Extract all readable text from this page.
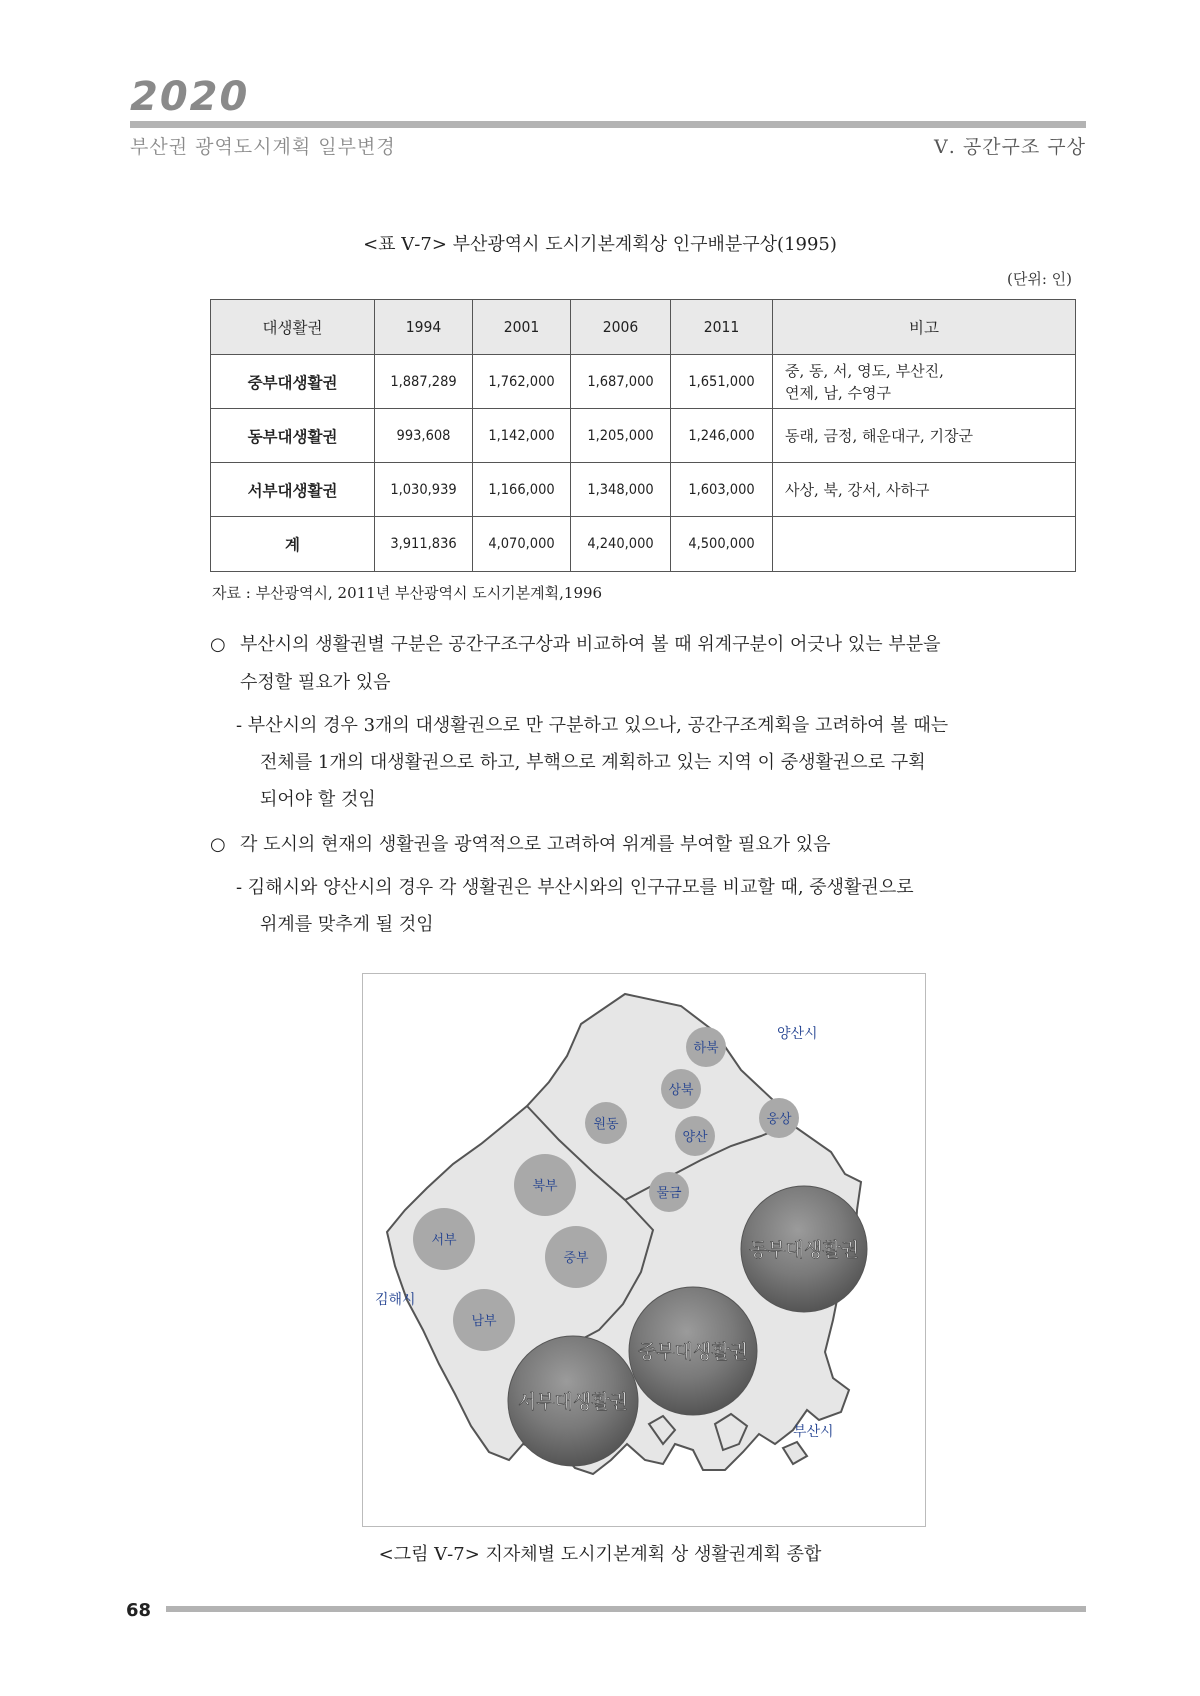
2020
부산권 광역도시계획 일부변경	Ⅴ. 공간구조 구상
<표 Ⅴ-7> 부산광역시 도시기본계획상 인구배분구상(1995)
(단위: 인)
대생활권	1994	2001	2006	2011	비고
중부대생활권	1,887,289	1,762,000	1,687,000	1,651,000	중, 동, 서, 영도, 부산진,
연제, 남, 수영구

동부대생활권	993,608	1,142,000	1,205,000	1,246,000	동래, 금정, 해운대구, 기장군
서부대생활권	1,030,939	1,166,000	1,348,000	1,603,000	사상, 북, 강서, 사하구
계	3,911,836	4,070,000	4,240,000	4,500,000	
자료 : 부산광역시, 2011년 부산광역시 도시기본계획,1996
○ 부산시의 생활권별 구분은 공간구조구상과 비교하여 볼 때 위계구분이 어긋나 있는 부분을
수정할 필요가 있음
- 부산시의 경우 3개의 대생활권으로 만 구분하고 있으나, 공간구조계획을 고려하여 볼 때는
전체를 1개의 대생활권으로 하고, 부핵으로 계획하고 있는 지역 이 중생활권으로 구획
되어야 할 것임
○ 각 도시의 현재의 생활권을 광역적으로 고려하여 위계를 부여할 필요가 있음
- 김해시와 양산시의 경우 각 생활권은 부산시와의 인구규모를 비교할 때, 중생활권으로
위계를 맞추게 될 것임
양산시
김해시
부산시
하북
상북
웅상
원동
양산
물금
북부
서부
중부
남부
동부대생활권
중부대생활권
서부대생활권
<그림 Ⅴ-7> 지자체별 도시기본계획 상 생활권계획 종합
68
